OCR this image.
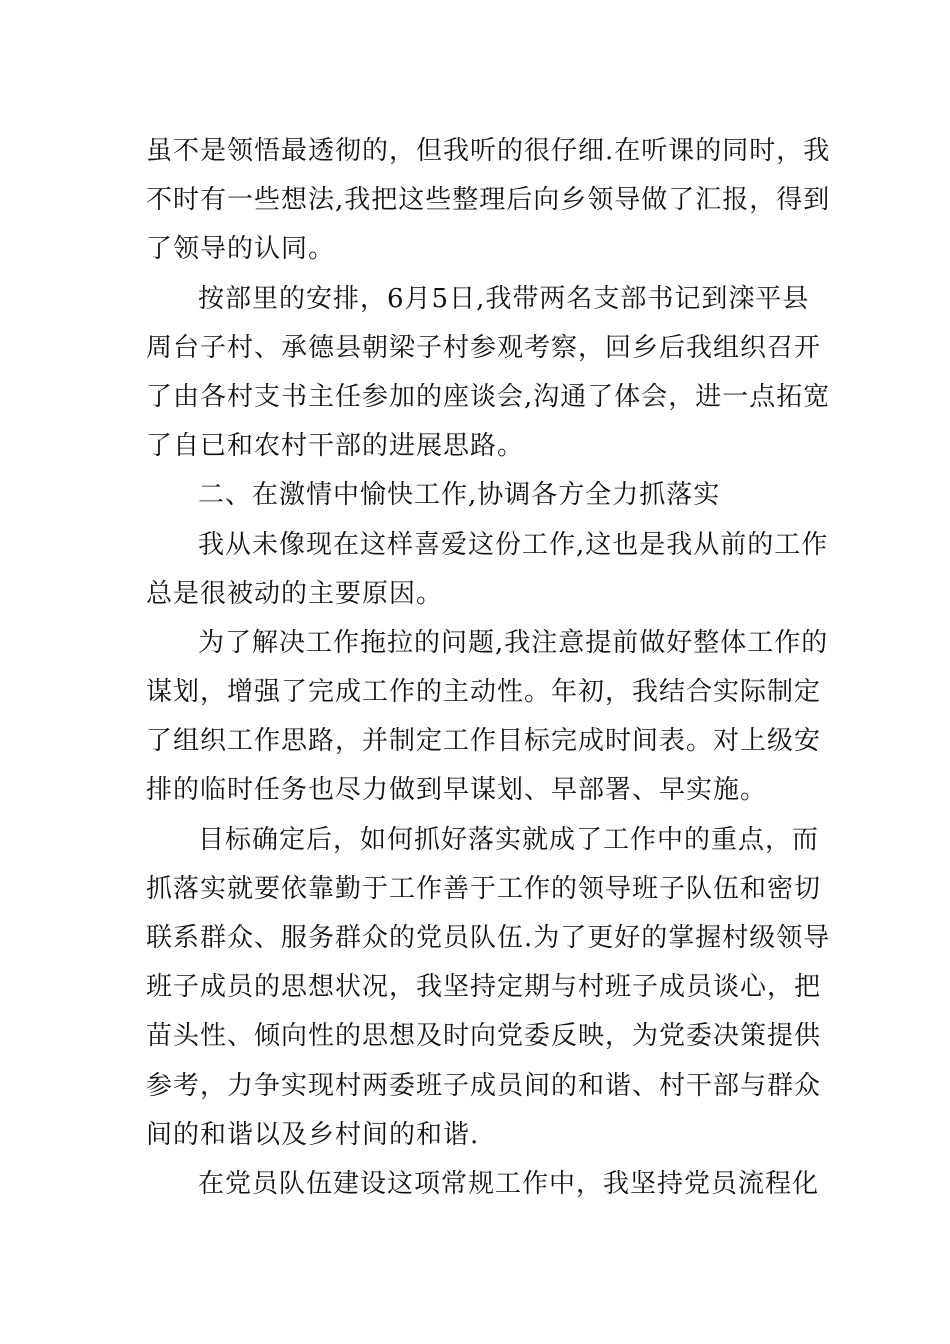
虽不是领悟最透彻的，但我听的很仔细.在听课的同时，我
不时有一些想法,我把这些整理后向乡领导做了汇报，得到
了领导的认同。
按部里的安排，6月5日,我带两名支部书记到滦平县
周台子村、承德县朝梁子村参观考察，回乡后我组织召开
了由各村支书主任参加的座谈会,沟通了体会，进一点拓宽
了自已和农村干部的进展思路。
二、在激情中愉快工作,协调各方全力抓落实
我从未像现在这样喜爱这份工作,这也是我从前的工作
总是很被动的主要原因。
为了解决工作拖拉的问题,我注意提前做好整体工作的
谋划，增强了完成工作的主动性。年初，我结合实际制定
了组织工作思路，并制定工作目标完成时间表。对上级安
排的临时任务也尽力做到早谋划、早部署、早实施。
目标确定后，如何抓好落实就成了工作中的重点，而
抓落实就要依靠勤于工作善于工作的领导班子队伍和密切
联系群众、服务群众的党员队伍.为了更好的掌握村级领导
班子成员的思想状况，我坚持定期与村班子成员谈心，把
苗头性、倾向性的思想及时向党委反映，为党委决策提供
参考，力争实现村两委班子成员间的和谐、村干部与群众
间的和谐以及乡村间的和谐.
在党员队伍建设这项常规工作中，我坚持党员流程化
